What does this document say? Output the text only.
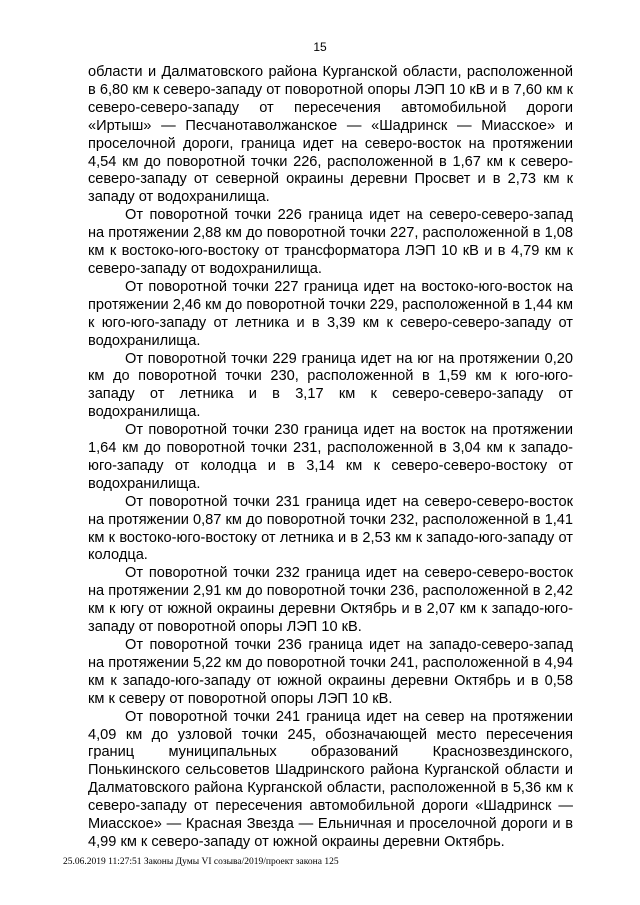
15

области и Далматовского района Курганской области, расположенной в 6,80 км к северо-западу от поворотной опоры ЛЭП 10 кВ и в 7,60 км к северо-северо-западу от пересечения автомобильной дороги «Иртыш» — Песчанотаволжанское — «Шадринск — Миасское» и проселочной дороги, граница идет на северо-восток на протяжении 4,54 км до поворотной точки 226, расположенной в 1,67 км к северо-северо-западу от северной окраины деревни Просвет и в 2,73 км к западу от водохранилища.

От поворотной точки 226 граница идет на северо-северо-запад на протяжении 2,88 км до поворотной точки 227, расположенной в 1,08 км к востоко-юго-востоку от трансформатора ЛЭП 10 кВ и в 4,79 км к северо-западу от водохранилища.

От поворотной точки 227 граница идет на востоко-юго-восток на протяжении 2,46 км до поворотной точки 229, расположенной в 1,44 км к юго-юго-западу от летника и в 3,39 км к северо-северо-западу от водохранилища.

От поворотной точки 229 граница идет на юг на протяжении 0,20 км до поворотной точки 230, расположенной в 1,59 км к юго-юго-западу от летника и в 3,17 км к северо-северо-западу от водохранилища.

От поворотной точки 230 граница идет на восток на протяжении 1,64 км до поворотной точки 231, расположенной в 3,04 км к западо-юго-западу от колодца и в 3,14 км к северо-северо-востоку от водохранилища.

От поворотной точки 231 граница идет на северо-северо-восток на протяжении 0,87 км до поворотной точки 232, расположенной в 1,41 км к востоко-юго-востоку от летника и в 2,53 км к западо-юго-западу от колодца.

От поворотной точки 232 граница идет на северо-северо-восток на протяжении 2,91 км до поворотной точки 236, расположенной в 2,42 км к югу от южной окраины деревни Октябрь и в 2,07 км к западо-юго-западу от поворотной опоры ЛЭП 10 кВ.

От поворотной точки 236 граница идет на западо-северо-запад на протяжении 5,22 км до поворотной точки 241, расположенной в 4,94 км к западо-юго-западу от южной окраины деревни Октябрь и в 0,58 км к северу от поворотной опоры ЛЭП 10 кВ.

От поворотной точки 241 граница идет на север на протяжении 4,09 км до узловой точки 245, обозначающей место пересечения границ муниципальных образований Краснозвездинского, Понькинского сельсоветов Шадринского района Курганской области и Далматовского района Курганской области, расположенной в 5,36 км к северо-западу от пересечения автомобильной дороги «Шадринск — Миасское» — Красная Звезда — Ельничная и проселочной дороги и в 4,99 км к северо-западу от южной окраины деревни Октябрь.

25.06.2019 11:27:51 Законы Думы VI созыва/2019/проект закона 125
